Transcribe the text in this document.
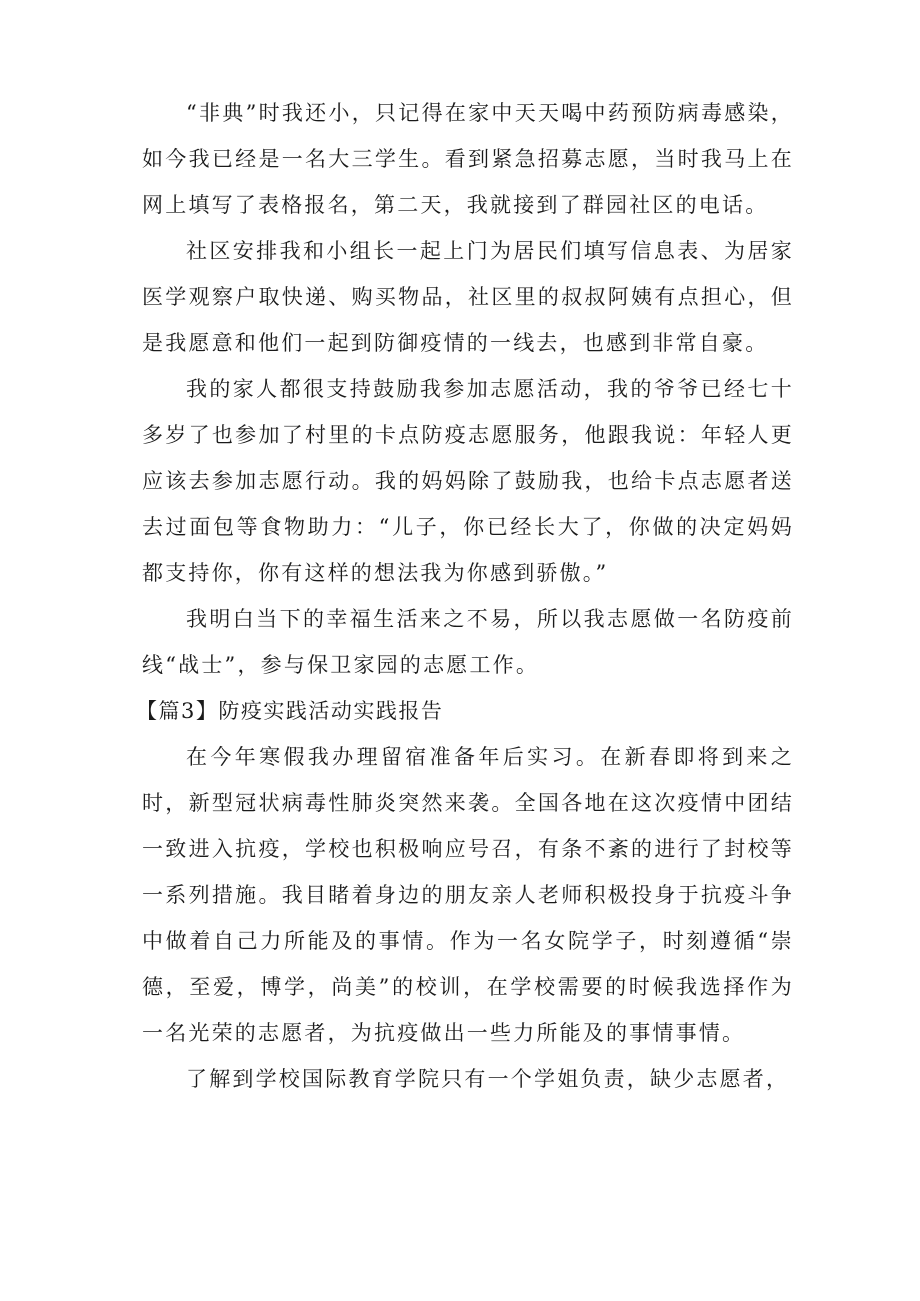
“非典”时我还小，只记得在家中天天喝中药预防病毒感染，如今我已经是一名大三学生。看到紧急招募志愿，当时我马上在网上填写了表格报名，第二天，我就接到了群园社区的电话。

社区安排我和小组长一起上门为居民们填写信息表、为居家医学观察户取快递、购买物品，社区里的叔叔阿姨有点担心，但是我愿意和他们一起到防御疫情的一线去，也感到非常自豪。

我的家人都很支持鼓励我参加志愿活动，我的爷爷已经七十多岁了也参加了村里的卡点防疫志愿服务，他跟我说：年轻人更应该去参加志愿行动。我的妈妈除了鼓励我，也给卡点志愿者送去过面包等食物助力：“儿子，你已经长大了，你做的决定妈妈都支持你，你有这样的想法我为你感到骄傲。”

我明白当下的幸福生活来之不易，所以我志愿做一名防疫前线“战士”，参与保卫家园的志愿工作。

【篇3】防疫实践活动实践报告

在今年寒假我办理留宿准备年后实习。在新春即将到来之时，新型冠状病毒性肺炎突然来袭。全国各地在这次疫情中团结一致进入抗疫，学校也积极响应号召，有条不紊的进行了封校等一系列措施。我目睹着身边的朋友亲人老师积极投身于抗疫斗争中做着自己力所能及的事情。作为一名女院学子，时刻遵循“崇德，至爱，博学，尚美”的校训，在学校需要的时候我选择作为一名光荣的志愿者，为抗疫做出一些力所能及的事情事情。

了解到学校国际教育学院只有一个学姐负责，缺少志愿者，
